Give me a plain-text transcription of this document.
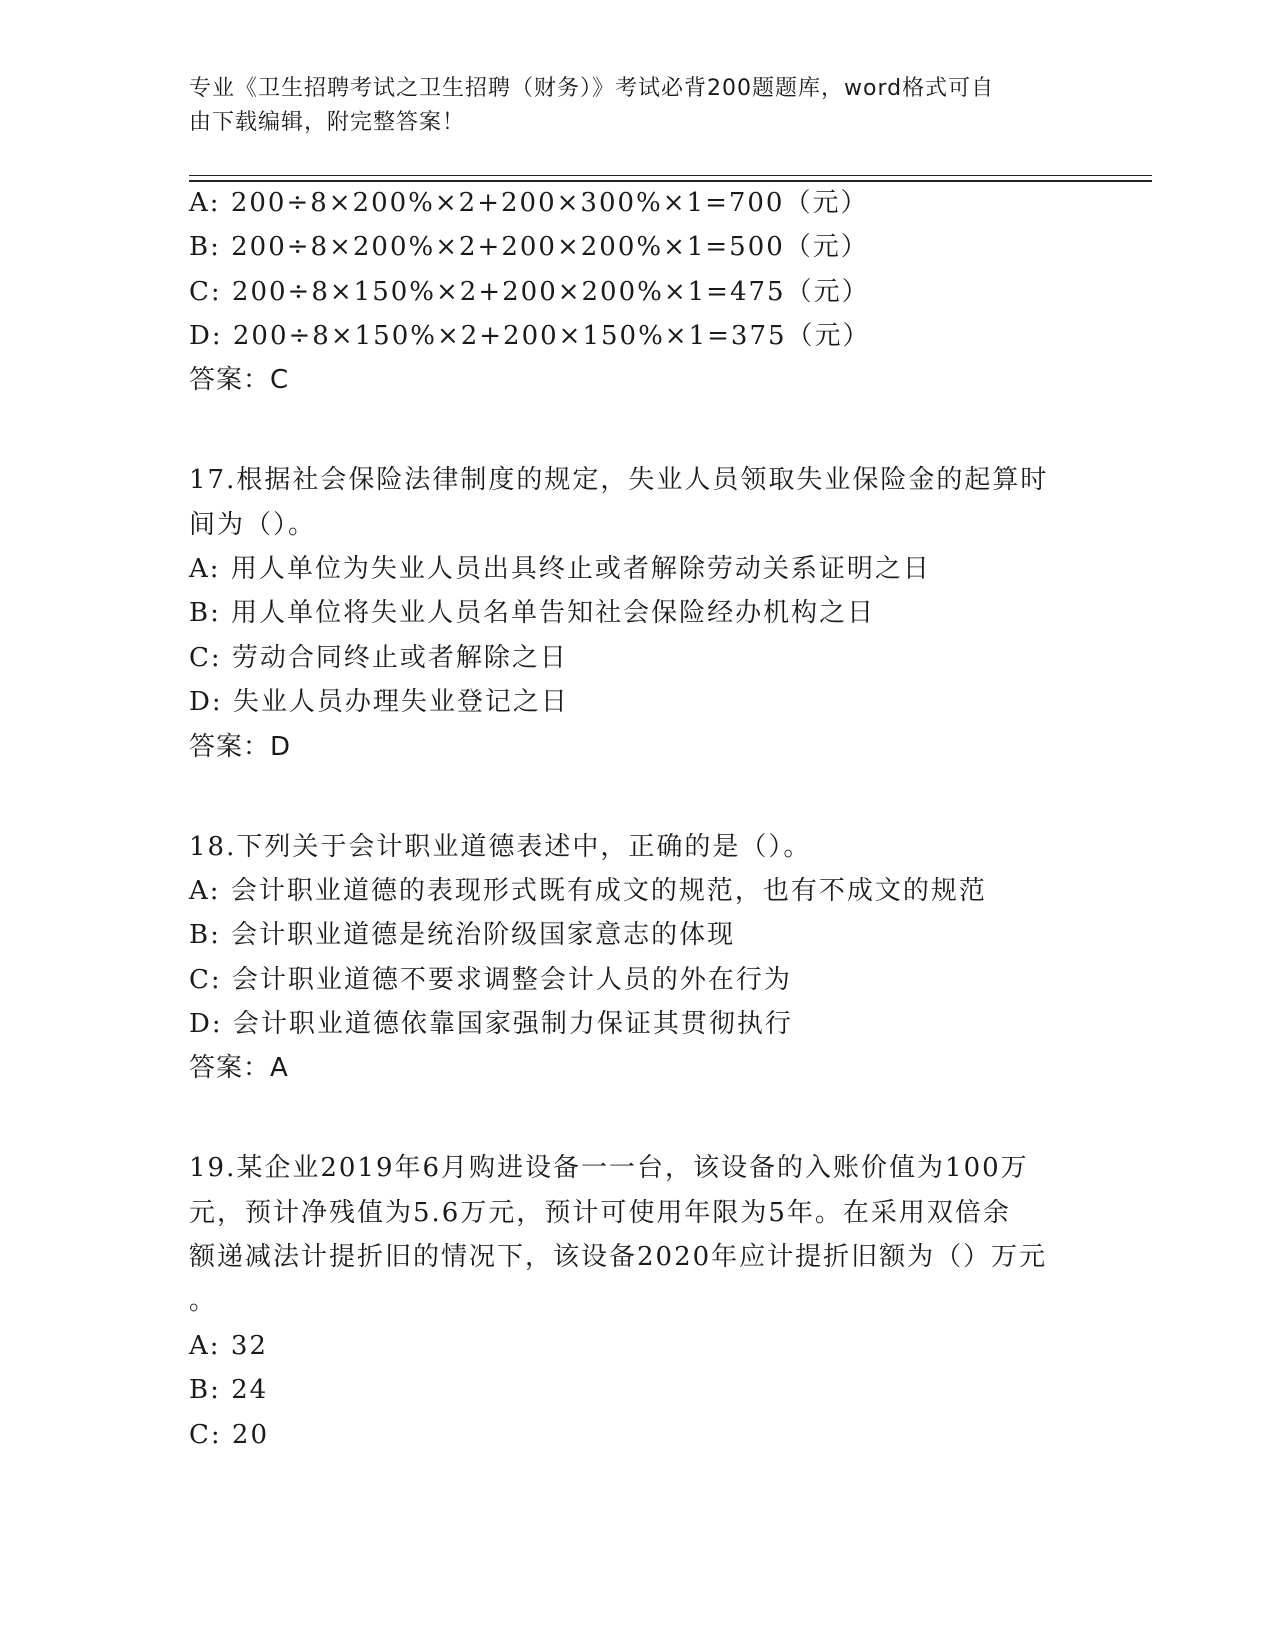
专业《卫生招聘考试之卫生招聘（财务）》考试必背200题题库，word格式可自
由下载编辑，附完整答案！
A: 200÷8×200%×2+200×300%×1=700（元）
B: 200÷8×200%×2+200×200%×1=500（元）
C: 200÷8×150%×2+200×200%×1=475（元）
D: 200÷8×150%×2+200×150%×1=375（元）
答案：C
17.根据社会保险法律制度的规定，失业人员领取失业保险金的起算时
间为（）。
A: 用人单位为失业人员出具终止或者解除劳动关系证明之日
B: 用人单位将失业人员名单告知社会保险经办机构之日
C: 劳动合同终止或者解除之日
D: 失业人员办理失业登记之日
答案：D
18.下列关于会计职业道德表述中，正确的是（）。
A: 会计职业道德的表现形式既有成文的规范，也有不成文的规范
B: 会计职业道德是统治阶级国家意志的体现
C: 会计职业道德不要求调整会计人员的外在行为
D: 会计职业道德依靠国家强制力保证其贯彻执行
答案：A
19.某企业2019年6月购进设备一一台，该设备的入账价值为100万
元，预计净残值为5.6万元，预计可使用年限为5年。在采用双倍余
额递减法计提折旧的情况下，该设备2020年应计提折旧额为（）万元
。
A: 32
B: 24
C: 20
